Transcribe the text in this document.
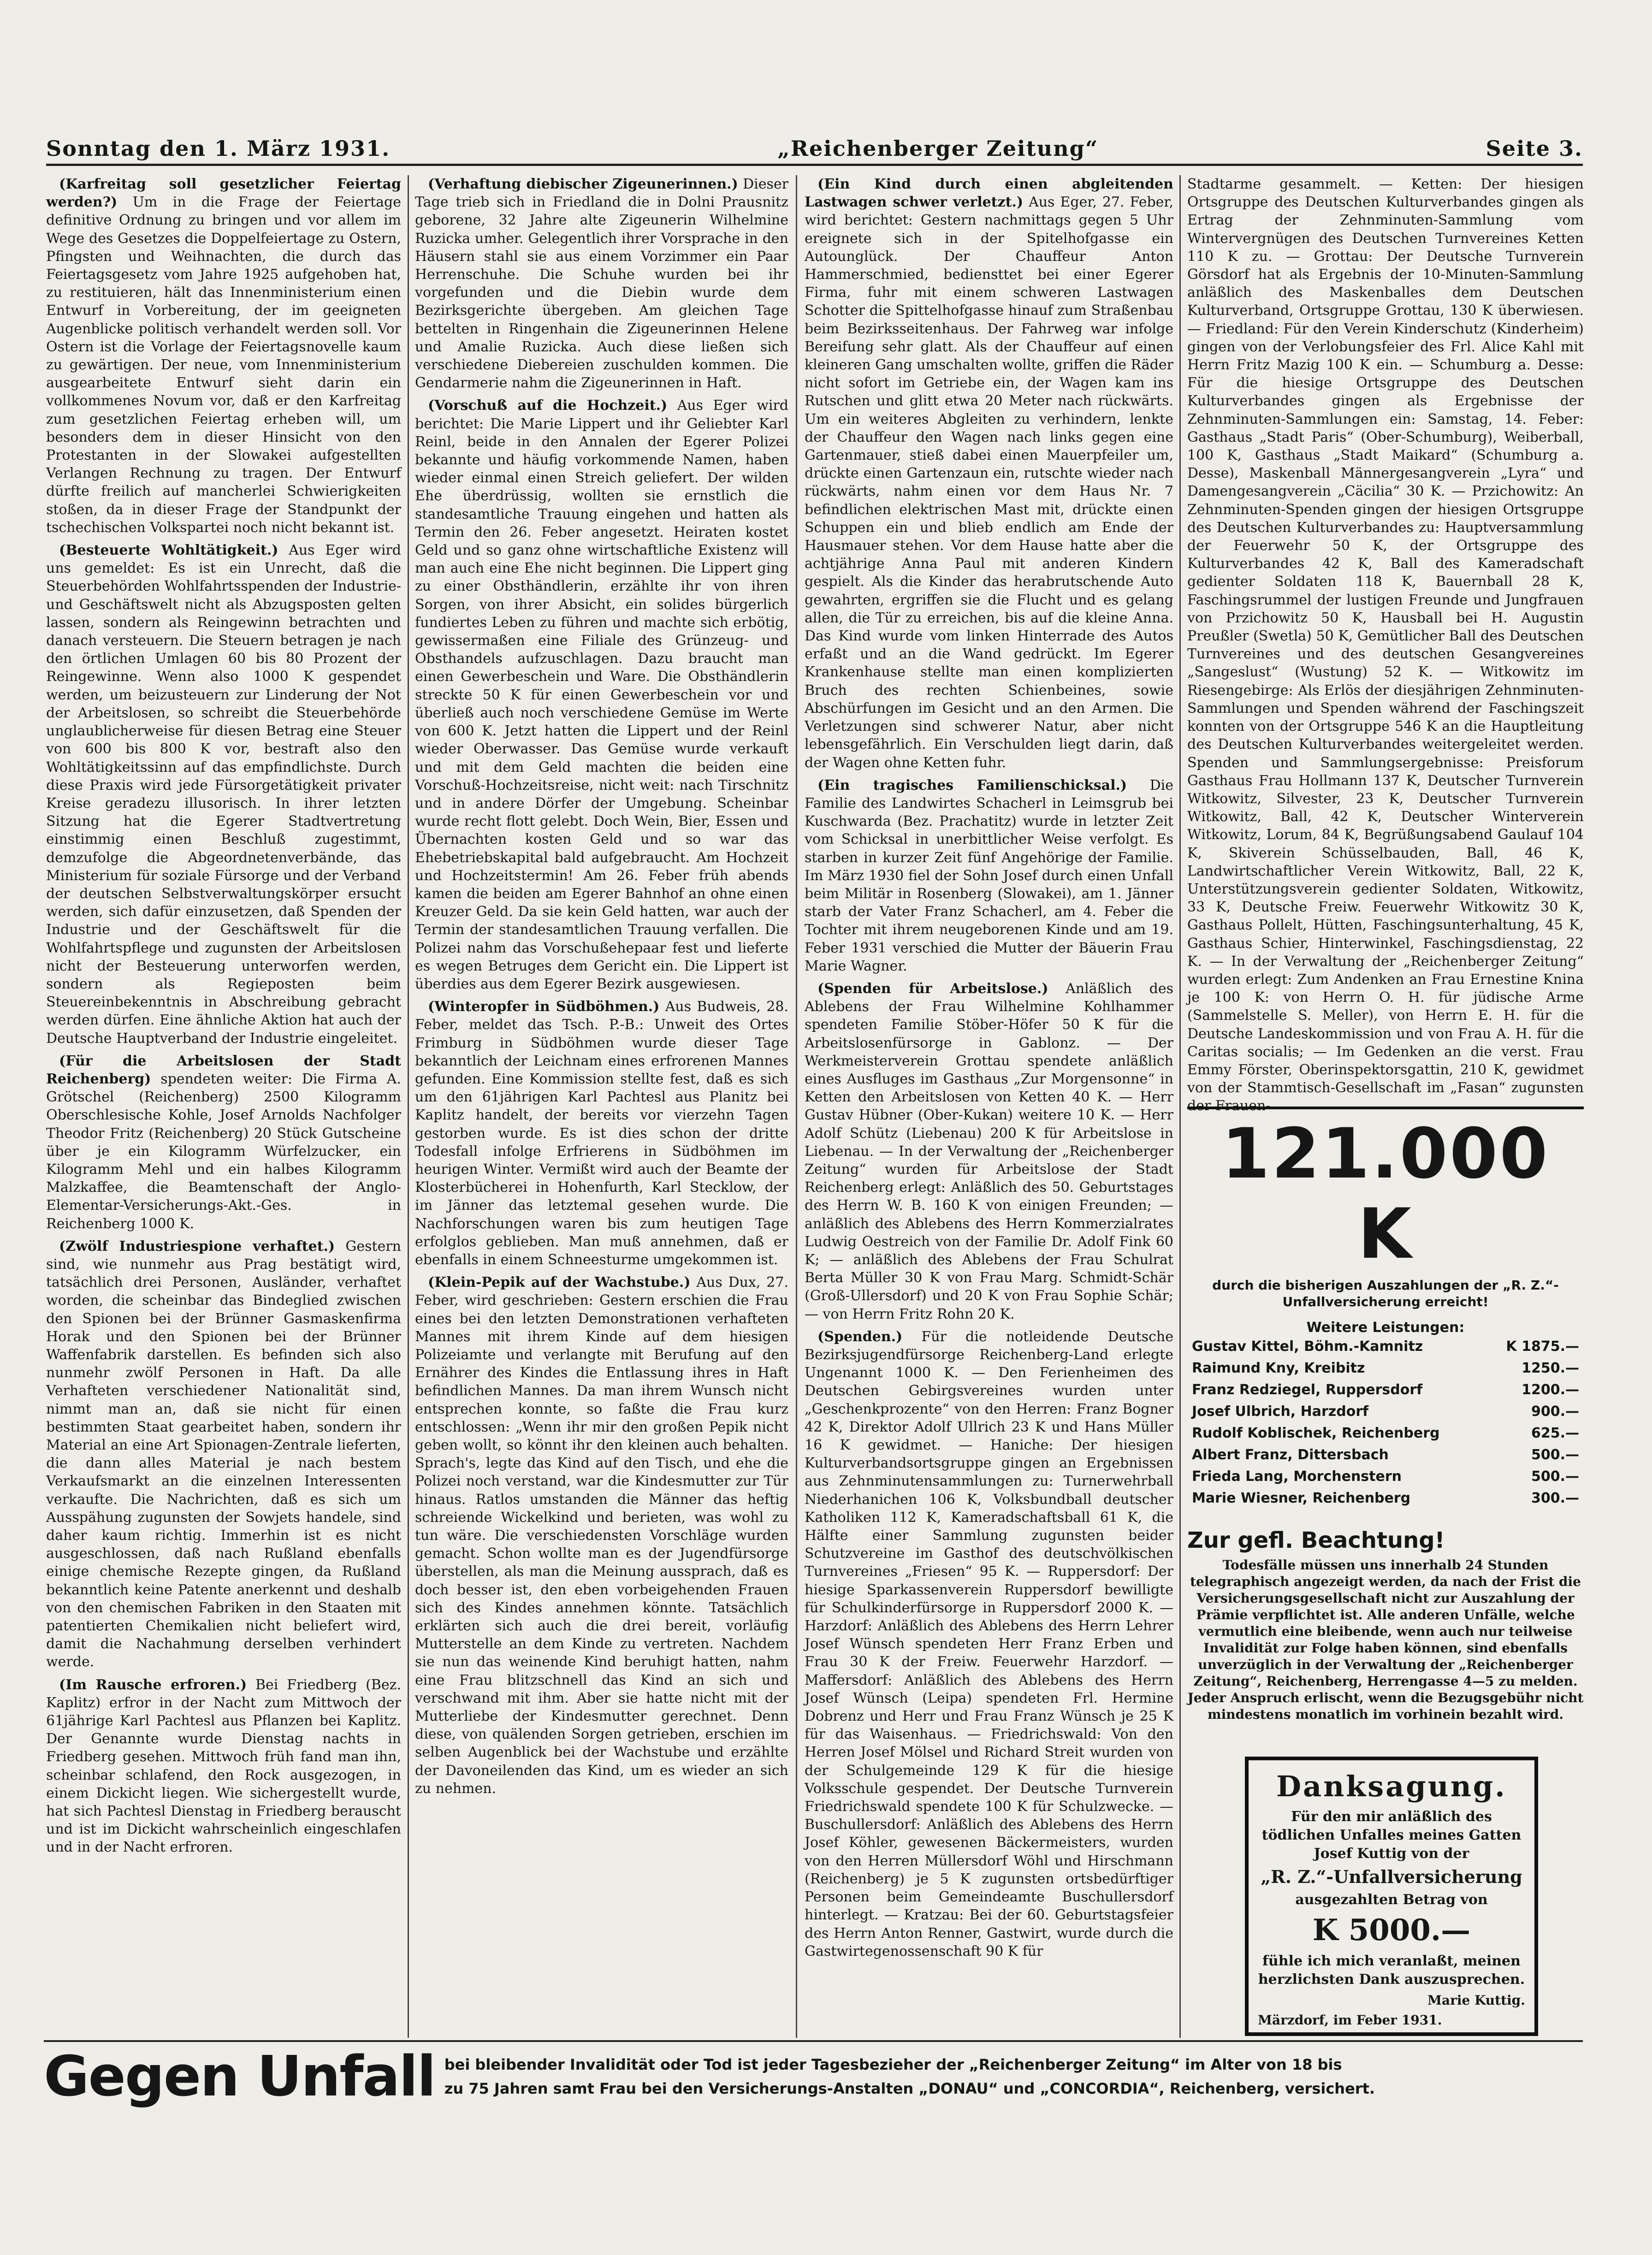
Sonntag den 1. März 1931.	„Reichenberger Zeitung“	Seite 3.

(Karfreitag soll gesetzlicher Feiertag werden?) Um in die Frage der Feiertage definitive Ordnung zu bringen und vor allem im Wege des Gesetzes die Doppelfeiertage zu Ostern, Pfingsten und Weihnachten, die durch das Feiertagsgesetz vom Jahre 1925 aufgehoben hat, zu restituieren, hält das Innenministerium einen Entwurf in Vorbereitung, der im geeigneten Augenblicke politisch verhandelt werden soll. Vor Ostern ist die Vorlage der Feiertagsnovelle kaum zu gewärtigen. Der neue, vom Innenministerium ausgearbeitete Entwurf sieht darin ein vollkommenes Novum vor, daß er den Karfreitag zum gesetzlichen Feiertag erheben will, um besonders dem in dieser Hinsicht von den Protestanten in der Slowakei aufgestellten Verlangen Rechnung zu tragen. Der Entwurf dürfte freilich auf mancherlei Schwierigkeiten stoßen, da in dieser Frage der Standpunkt der tschechischen Volkspartei noch nicht bekannt ist.

(Besteuerte Wohltätigkeit.) Aus Eger wird uns gemeldet: Es ist ein Unrecht, daß die Steuerbehörden Wohlfahrtsspenden der Industrie- und Geschäftswelt nicht als Abzugsposten gelten lassen, sondern als Reingewinn betrachten und danach versteuern. Die Steuern betragen je nach den örtlichen Umlagen 60 bis 80 Prozent der Reingewinne. Wenn also 1000 K gespendet werden, um beizusteuern zur Linderung der Not der Arbeitslosen, so schreibt die Steuerbehörde unglaublicherweise für diesen Betrag eine Steuer von 600 bis 800 K vor, bestraft also den Wohltätigkeitssinn auf das empfindlichste. Durch diese Praxis wird jede Fürsorgetätigkeit privater Kreise geradezu illusorisch. In ihrer letzten Sitzung hat die Egerer Stadtvertretung einstimmig einen Beschluß zugestimmt, demzufolge die Abgeordnetenverbände, das Ministerium für soziale Fürsorge und der Verband der deutschen Selbstverwaltungskörper ersucht werden, sich dafür einzusetzen, daß Spenden der Industrie und der Geschäftswelt für die Wohlfahrtspflege und zugunsten der Arbeitslosen nicht der Besteuerung unterworfen werden, sondern als Regieposten beim Steuereinbekenntnis in Abschreibung gebracht werden dürfen. Eine ähnliche Aktion hat auch der Deutsche Hauptverband der Industrie eingeleitet.

(Für die Arbeitslosen der Stadt Reichenberg) spendeten weiter: Die Firma A. Grötschel (Reichenberg) 2500 Kilogramm Oberschlesische Kohle, Josef Arnolds Nachfolger Theodor Fritz (Reichenberg) 20 Stück Gutscheine über je ein Kilogramm Würfelzucker, ein Kilogramm Mehl und ein halbes Kilogramm Malzkaffee, die Beamtenschaft der Anglo-Elementar-Versicherungs-Akt.-Ges. in Reichenberg 1000 K.

(Zwölf Industriespione verhaftet.) Gestern sind, wie nunmehr aus Prag bestätigt wird, tatsächlich drei Personen, Ausländer, verhaftet worden, die scheinbar das Bindeglied zwischen den Spionen bei der Brünner Gasmaskenfirma Horak und den Spionen bei der Brünner Waffenfabrik darstellen. Es befinden sich also nunmehr zwölf Personen in Haft. Da alle Verhafteten verschiedener Nationalität sind, nimmt man an, daß sie nicht für einen bestimmten Staat gearbeitet haben, sondern ihr Material an eine Art Spionagen-Zentrale lieferten, die dann alles Material je nach bestem Verkaufsmarkt an die einzelnen Interessenten verkaufte. Die Nachrichten, daß es sich um Ausspähung zugunsten der Sowjets handele, sind daher kaum richtig. Immerhin ist es nicht ausgeschlossen, daß nach Rußland ebenfalls einige chemische Rezepte gingen, da Rußland bekanntlich keine Patente anerkennt und deshalb von den chemischen Fabriken in den Staaten mit patentierten Chemikalien nicht beliefert wird, damit die Nachahmung derselben verhindert werde.

(Im Rausche erfroren.) Bei Friedberg (Bez. Kaplitz) erfror in der Nacht zum Mittwoch der 61jährige Karl Pachtesl aus Pflanzen bei Kaplitz. Der Genannte wurde Dienstag nachts in Friedberg gesehen. Mittwoch früh fand man ihn, scheinbar schlafend, den Rock ausgezogen, in einem Dickicht liegen. Wie sichergestellt wurde, hat sich Pachtesl Dienstag in Friedberg berauscht und ist im Dickicht wahrscheinlich eingeschlafen und in der Nacht erfroren.

(Verhaftung diebischer Zigeunerinnen.) Dieser Tage trieb sich in Friedland die in Dolni Prausnitz geborene, 32 Jahre alte Zigeunerin Wilhelmine Ruzicka umher. Gelegentlich ihrer Vorsprache in den Häusern stahl sie aus einem Vorzimmer ein Paar Herrenschuhe. Die Schuhe wurden bei ihr vorgefunden und die Diebin wurde dem Bezirksgerichte übergeben. Am gleichen Tage bettelten in Ringenhain die Zigeunerinnen Helene und Amalie Ruzicka. Auch diese ließen sich verschiedene Diebereien zuschulden kommen. Die Gendarmerie nahm die Zigeunerinnen in Haft.

(Vorschuß auf die Hochzeit.) Aus Eger wird berichtet: Die Marie Lippert und ihr Geliebter Karl Reinl, beide in den Annalen der Egerer Polizei bekannte und häufig vorkommende Namen, haben wieder einmal einen Streich geliefert. Der wilden Ehe überdrüssig, wollten sie ernstlich die standesamtliche Trauung eingehen und hatten als Termin den 26. Feber angesetzt. Heiraten kostet Geld und so ganz ohne wirtschaftliche Existenz will man auch eine Ehe nicht beginnen. Die Lippert ging zu einer Obsthändlerin, erzählte ihr von ihren Sorgen, von ihrer Absicht, ein solides bürgerlich fundiertes Leben zu führen und machte sich erbötig, gewissermaßen eine Filiale des Grünzeug- und Obsthandels aufzuschlagen. Dazu braucht man einen Gewerbeschein und Ware. Die Obsthändlerin streckte 50 K für einen Gewerbeschein vor und überließ auch noch verschiedene Gemüse im Werte von 600 K. Jetzt hatten die Lippert und der Reinl wieder Oberwasser. Das Gemüse wurde verkauft und mit dem Geld machten die beiden eine Vorschuß-Hochzeitsreise, nicht weit: nach Tirschnitz und in andere Dörfer der Umgebung. Scheinbar wurde recht flott gelebt. Doch Wein, Bier, Essen und Übernachten kosten Geld und so war das Ehebetriebskapital bald aufgebraucht. Am Hochzeit und Hochzeitstermin! Am 26. Feber früh abends kamen die beiden am Egerer Bahnhof an ohne einen Kreuzer Geld. Da sie kein Geld hatten, war auch der Termin der standesamtlichen Trauung verfallen. Die Polizei nahm das Vorschußehepaar fest und lieferte es wegen Betruges dem Gericht ein. Die Lippert ist überdies aus dem Egerer Bezirk ausgewiesen.

(Winteropfer in Südböhmen.) Aus Budweis, 28. Feber, meldet das Tsch. P.-B.: Unweit des Ortes Frimburg in Südböhmen wurde dieser Tage bekanntlich der Leichnam eines erfrorenen Mannes gefunden. Eine Kommission stellte fest, daß es sich um den 61jährigen Karl Pachtesl aus Planitz bei Kaplitz handelt, der bereits vor vierzehn Tagen gestorben wurde. Es ist dies schon der dritte Todesfall infolge Erfrierens in Südböhmen im heurigen Winter. Vermißt wird auch der Beamte der Klosterbücherei in Hohenfurth, Karl Stecklow, der im Jänner das letztemal gesehen wurde. Die Nachforschungen waren bis zum heutigen Tage erfolglos geblieben. Man muß annehmen, daß er ebenfalls in einem Schneesturme umgekommen ist.

(Klein-Pepik auf der Wachstube.) Aus Dux, 27. Feber, wird geschrieben: Gestern erschien die Frau eines bei den letzten Demonstrationen verhafteten Mannes mit ihrem Kinde auf dem hiesigen Polizeiamte und verlangte mit Berufung auf den Ernährer des Kindes die Entlassung ihres in Haft befindlichen Mannes. Da man ihrem Wunsch nicht entsprechen konnte, so faßte die Frau kurz entschlossen: „Wenn ihr mir den großen Pepik nicht geben wollt, so könnt ihr den kleinen auch behalten. Sprach's, legte das Kind auf den Tisch, und ehe die Polizei noch verstand, war die Kindesmutter zur Tür hinaus. Ratlos umstanden die Männer das heftig schreiende Wickelkind und berieten, was wohl zu tun wäre. Die verschiedensten Vorschläge wurden gemacht. Schon wollte man es der Jugendfürsorge überstellen, als man die Meinung aussprach, daß es doch besser ist, den eben vorbeigehenden Frauen sich des Kindes annehmen könnte. Tatsächlich erklärten sich auch die drei bereit, vorläufig Mutterstelle an dem Kinde zu vertreten. Nachdem sie nun das weinende Kind beruhigt hatten, nahm eine Frau blitzschnell das Kind an sich und verschwand mit ihm. Aber sie hatte nicht mit der Mutterliebe der Kindesmutter gerechnet. Denn diese, von quälenden Sorgen getrieben, erschien im selben Augenblick bei der Wachstube und erzählte der Davoneilenden das Kind, um es wieder an sich zu nehmen.

(Ein Kind durch einen abgleitenden Lastwagen schwer verletzt.) Aus Eger, 27. Feber, wird berichtet: Gestern nachmittags gegen 5 Uhr ereignete sich in der Spitelhofgasse ein Autounglück. Der Chauffeur Anton Hammerschmied, bediensttet bei einer Egerer Firma, fuhr mit einem schweren Lastwagen Schotter die Spittelhofgasse hinauf zum Straßenbau beim Bezirksseitenhaus. Der Fahrweg war infolge Bereifung sehr glatt. Als der Chauffeur auf einen kleineren Gang umschalten wollte, griffen die Räder nicht sofort im Getriebe ein, der Wagen kam ins Rutschen und glitt etwa 20 Meter nach rückwärts. Um ein weiteres Abgleiten zu verhindern, lenkte der Chauffeur den Wagen nach links gegen eine Gartenmauer, stieß dabei einen Mauerpfeiler um, drückte einen Gartenzaun ein, rutschte wieder nach rückwärts, nahm einen vor dem Haus Nr. 7 befindlichen elektrischen Mast mit, drückte einen Schuppen ein und blieb endlich am Ende der Hausmauer stehen. Vor dem Hause hatte aber die achtjährige Anna Paul mit anderen Kindern gespielt. Als die Kinder das herabrutschende Auto gewahrten, ergriffen sie die Flucht und es gelang allen, die Tür zu erreichen, bis auf die kleine Anna. Das Kind wurde vom linken Hinterrade des Autos erfaßt und an die Wand gedrückt. Im Egerer Krankenhause stellte man einen komplizierten Bruch des rechten Schienbeines, sowie Abschürfungen im Gesicht und an den Armen. Die Verletzungen sind schwerer Natur, aber nicht lebensgefährlich. Ein Verschulden liegt darin, daß der Wagen ohne Ketten fuhr.

(Ein tragisches Familienschicksal.) Die Familie des Landwirtes Schacherl in Leimsgrub bei Kuschwarda (Bez. Prachatitz) wurde in letzter Zeit vom Schicksal in unerbittlicher Weise verfolgt. Es starben in kurzer Zeit fünf Angehörige der Familie. Im März 1930 fiel der Sohn Josef durch einen Unfall beim Militär in Rosenberg (Slowakei), am 1. Jänner starb der Vater Franz Schacherl, am 4. Feber die Tochter mit ihrem neugeborenen Kinde und am 19. Feber 1931 verschied die Mutter der Bäuerin Frau Marie Wagner.

(Spenden für Arbeitslose.) Anläßlich des Ablebens der Frau Wilhelmine Kohlhammer spendeten Familie Stöber-Höfer 50 K für die Arbeitslosenfürsorge in Gablonz. — Der Werkmeisterverein Grottau spendete anläßlich eines Ausfluges im Gasthaus „Zur Morgensonne“ in Ketten den Arbeitslosen von Ketten 40 K. — Herr Gustav Hübner (Ober-Kukan) weitere 10 K. — Herr Adolf Schütz (Liebenau) 200 K für Arbeitslose in Liebenau. — In der Verwaltung der „Reichenberger Zeitung“ wurden für Arbeitslose der Stadt Reichenberg erlegt: Anläßlich des 50. Geburtstages des Herrn W. B. 160 K von einigen Freunden; — anläßlich des Ablebens des Herrn Kommerzialrates Ludwig Oestreich von der Familie Dr. Adolf Fink 60 K; — anläßlich des Ablebens der Frau Schulrat Berta Müller 30 K von Frau Marg. Schmidt-Schär (Groß-Ullersdorf) und 20 K von Frau Sophie Schär; — von Herrn Fritz Rohn 20 K.

(Spenden.) Für die notleidende Deutsche Bezirksjugendfürsorge Reichenberg-Land erlegte Ungenannt 1000 K. — Den Ferienheimen des Deutschen Gebirgsvereines wurden unter „Geschenkprozente“ von den Herren: Franz Bogner 42 K, Direktor Adolf Ullrich 23 K und Hans Müller 16 K gewidmet. — Haniche: Der hiesigen Kulturverbandsortsgruppe gingen an Ergebnissen aus Zehnminutensammlungen zu: Turnerwehrball Niederhanichen 106 K, Volksbundball deutscher Katholiken 112 K, Kameradschaftsball 61 K, die Hälfte einer Sammlung zugunsten beider Schutzvereine im Gasthof des deutschvölkischen Turnvereines „Friesen“ 95 K. — Ruppersdorf: Der hiesige Sparkassenverein Ruppersdorf bewilligte für Schulkinderfürsorge in Ruppersdorf 2000 K. — Harzdorf: Anläßlich des Ablebens des Herrn Lehrer Josef Wünsch spendeten Herr Franz Erben und Frau 30 K der Freiw. Feuerwehr Harzdorf. — Maffersdorf: Anläßlich des Ablebens des Herrn Josef Wünsch (Leipa) spendeten Frl. Hermine Dobrenz und Herr und Frau Franz Wünsch je 25 K für das Waisenhaus. — Friedrichswald: Von den Herren Josef Mölsel und Richard Streit wurden von der Schulgemeinde 129 K für die hiesige Volksschule gespendet. Der Deutsche Turnverein Friedrichswald spendete 100 K für Schulzwecke. — Buschullersdorf: Anläßlich des Ablebens des Herrn Josef Köhler, gewesenen Bäckermeisters, wurden von den Herren Müllersdorf Wöhl und Hirschmann (Reichenberg) je 5 K zugunsten ortsbedürftiger Personen beim Gemeindeamte Buschullersdorf hinterlegt. — Kratzau: Bei der 60. Geburtstagsfeier des Herrn Anton Renner, Gastwirt, wurde durch die Gastwirtegenossenschaft 90 K für

Stadtarme gesammelt. — Ketten: Der hiesigen Ortsgruppe des Deutschen Kulturverbandes gingen als Ertrag der Zehnminuten-Sammlung vom Wintervergnügen des Deutschen Turnvereines Ketten 110 K zu. — Grottau: Der Deutsche Turnverein Görsdorf hat als Ergebnis der 10-Minuten-Sammlung anläßlich des Maskenballes dem Deutschen Kulturverband, Ortsgruppe Grottau, 130 K überwiesen. — Friedland: Für den Verein Kinderschutz (Kinderheim) gingen von der Verlobungsfeier des Frl. Alice Kahl mit Herrn Fritz Mazig 100 K ein. — Schumburg a. Desse: Für die hiesige Ortsgruppe des Deutschen Kulturverbandes gingen als Ergebnisse der Zehnminuten-Sammlungen ein: Samstag, 14. Feber: Gasthaus „Stadt Paris“ (Ober-Schumburg), Weiberball, 100 K, Gasthaus „Stadt Maikard“ (Schumburg a. Desse), Maskenball Männergesangverein „Lyra“ und Damengesangverein „Cäcilia“ 30 K. — Przichowitz: An Zehnminuten-Spenden gingen der hiesigen Ortsgruppe des Deutschen Kulturverbandes zu: Hauptversammlung der Feuerwehr 50 K, der Ortsgruppe des Kulturverbandes 42 K, Ball des Kameradschaft gedienter Soldaten 118 K, Bauernball 28 K, Faschingsrummel der lustigen Freunde und Jungfrauen von Przichowitz 50 K, Hausball bei H. Augustin Preußler (Swetla) 50 K, Gemütlicher Ball des Deutschen Turnvereines und des deutschen Gesangvereines „Sangeslust“ (Wustung) 52 K. — Witkowitz im Riesengebirge: Als Erlös der diesjährigen Zehnminuten-Sammlungen und Spenden während der Faschingszeit konnten von der Ortsgruppe 546 K an die Hauptleitung des Deutschen Kulturverbandes weitergeleitet werden. Spenden und Sammlungsergebnisse: Preisforum Gasthaus Frau Hollmann 137 K, Deutscher Turnverein Witkowitz, Silvester, 23 K, Deutscher Turnverein Witkowitz, Ball, 42 K, Deutscher Winterverein Witkowitz, Lorum, 84 K, Begrüßungsabend Gaulauf 104 K, Skiverein Schüsselbauden, Ball, 46 K, Landwirtschaftlicher Verein Witkowitz, Ball, 22 K, Unterstützungsverein gedienter Soldaten, Witkowitz, 33 K, Deutsche Freiw. Feuerwehr Witkowitz 30 K, Gasthaus Pollelt, Hütten, Faschingsunterhaltung, 45 K, Gasthaus Schier, Hinterwinkel, Faschingsdienstag, 22 K. — In der Verwaltung der „Reichenberger Zeitung“ wurden erlegt: Zum Andenken an Frau Ernestine Knina je 100 K: von Herrn O. H. für jüdische Arme (Sammelstelle S. Meller), von Herrn E. H. für die Deutsche Landeskommission und von Frau A. H. für die Caritas socialis; — Im Gedenken an die verst. Frau Emmy Förster, Oberinspektorsgattin, 210 K, gewidmet von der Stammtisch-Gesellschaft im „Fasan“ zugunsten der Frauen-

121.000 K
durch die bisherigen Auszahlungen der „R. Z.“-Unfallversicherung erreicht!
Weitere Leistungen:
Gustav Kittel, Böhm.-Kamnitz	K 1875.—
Raimund Kny, Kreibitz	1250.—
Franz Redziegel, Ruppersdorf	1200.—
Josef Ulbrich, Harzdorf	900.—
Rudolf Koblischek, Reichenberg	625.—
Albert Franz, Dittersbach	500.—
Frieda Lang, Morchenstern	500.—
Marie Wiesner, Reichenberg	300.—
Zur gefl. Beachtung!
Todesfälle müssen uns innerhalb 24 Stunden telegraphisch angezeigt werden, da nach der Frist die Versicherungsgesellschaft nicht zur Auszahlung der Prämie verpflichtet ist. Alle anderen Unfälle, welche vermutlich eine bleibende, wenn auch nur teilweise Invalidität zur Folge haben können, sind ebenfalls unverzüglich in der Verwaltung der „Reichenberger Zeitung“, Reichenberg, Herrengasse 4—5 zu melden. Jeder Anspruch erlischt, wenn die Bezugsgebühr nicht mindestens monatlich im vorhinein bezahlt wird.
Danksagung.
Für den mir anläßlich des tödlichen Unfalles meines Gatten Josef Kuttig von der
„R. Z.“-Unfallversicherung
ausgezahlten Betrag von
K 5000.—
fühle ich mich veranlaßt, meinen herzlichsten Dank auszusprechen.
Marie Kuttig.
Märzdorf, im Feber 1931.
Gegen Unfall bei bleibender Invalidität oder Tod ist jeder Tagesbezieher der „Reichenberger Zeitung“ im Alter von 18 bis
zu 75 Jahren samt Frau bei den Versicherungs-Anstalten „DONAU“ und „CONCORDIA“, Reichenberg, versichert.
